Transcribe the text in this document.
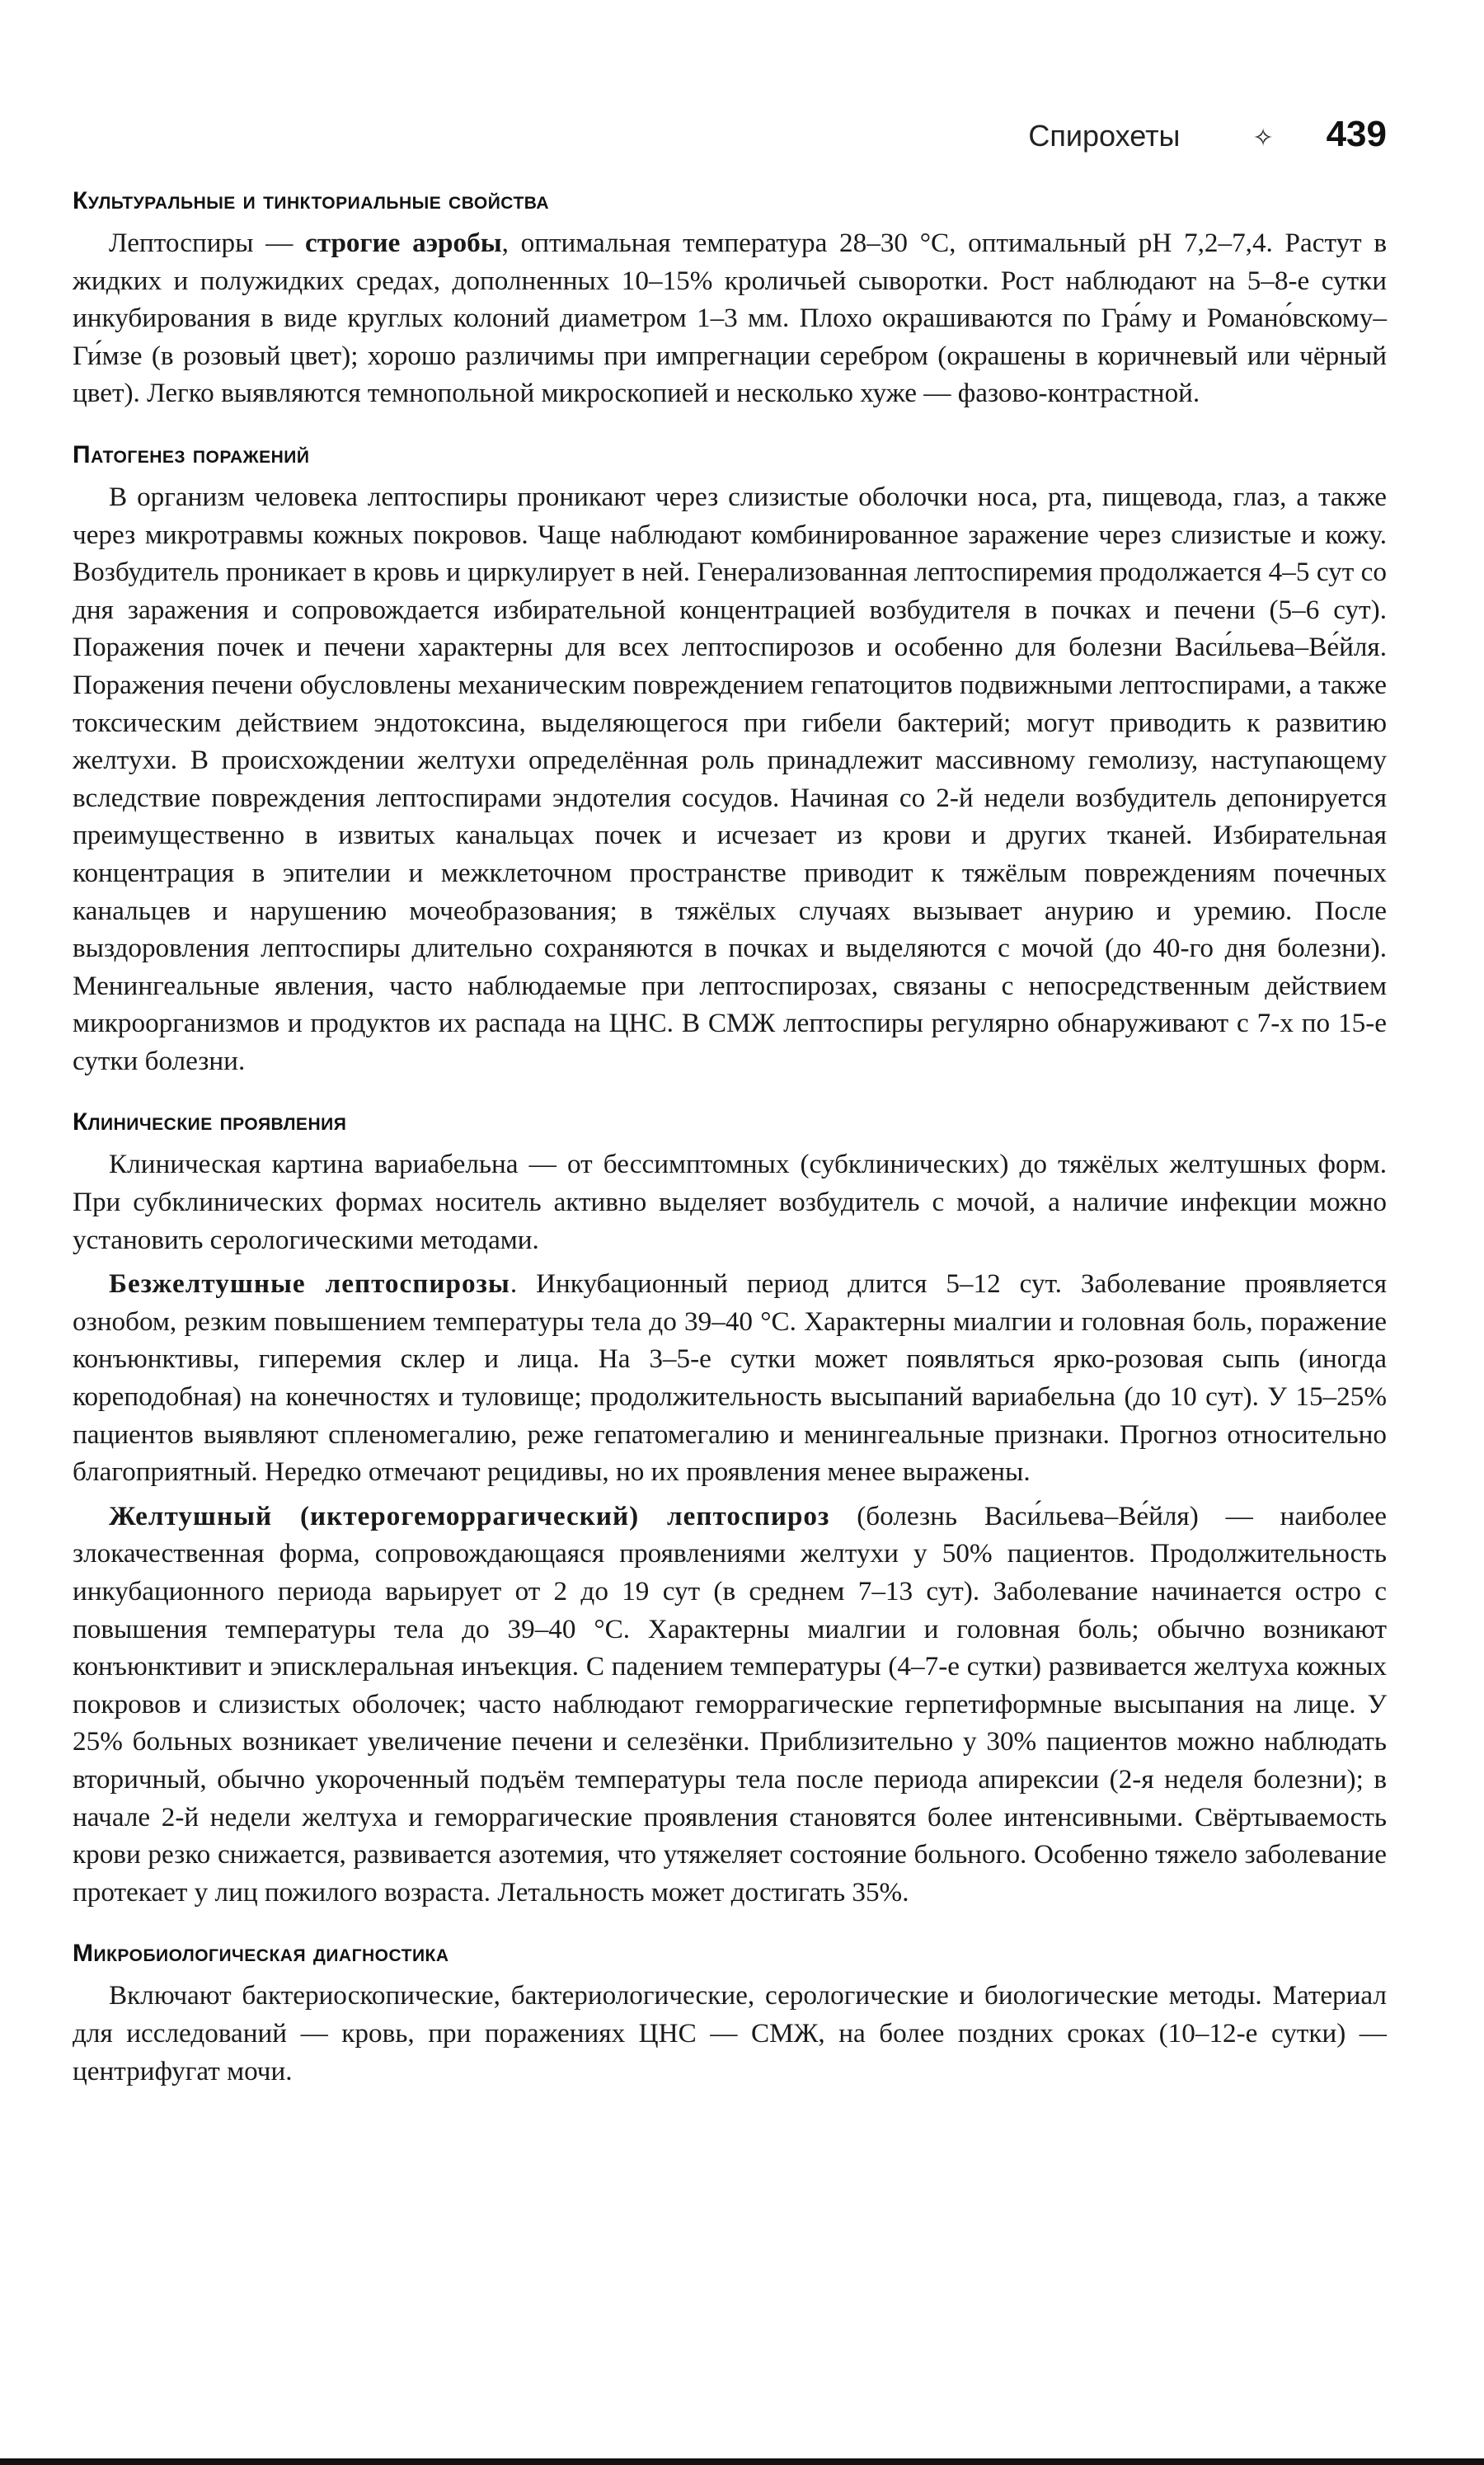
Спирохеты	✧ 439
Культуральные и тинкториальные свойства

Лептоспиры — строгие аэробы, оптимальная температура 28–30 °С, оптимальный рН 7,2–7,4. Растут в жидких и полужидких средах, дополненных 10–15% кроличьей сыворотки. Рост наблюдают на 5–8-е сутки инкубирования в виде круглых колоний диаметром 1–3 мм. Плохо окрашиваются по Гра́му и Романо́вскому–Ги́мзе (в розовый цвет); хорошо различимы при импрегнации серебром (окрашены в коричневый или чёрный цвет). Легко выявляются темнопольной микроскопией и несколько хуже — фазово-контрастной.

Патогенез поражений

В организм человека лептоспиры проникают через слизистые оболочки носа, рта, пищевода, глаз, а также через микротравмы кожных покровов. Чаще наблюдают комбинированное заражение через слизистые и кожу. Возбудитель проникает в кровь и циркулирует в ней. Генерализованная лептоспиремия продолжается 4–5 сут со дня заражения и сопровождается избирательной концентрацией возбудителя в почках и печени (5–6 сут). Поражения почек и печени характерны для всех лептоспирозов и особенно для болезни Васи́льева–Ве́йля. Поражения печени обусловлены механическим повреждением гепатоцитов подвижными лептоспирами, а также токсическим действием эндотоксина, выделяющегося при гибели бактерий; могут приводить к развитию желтухи. В происхождении желтухи определённая роль принадлежит массивному гемолизу, наступающему вследствие повреждения лептоспирами эндотелия сосудов. Начиная со 2-й недели возбудитель депонируется преимущественно в извитых канальцах почек и исчезает из крови и других тканей. Избирательная концентрация в эпителии и межклеточном пространстве приводит к тяжёлым повреждениям почечных канальцев и нарушению мочеобразования; в тяжёлых случаях вызывает анурию и уремию. После выздоровления лептоспиры длительно сохраняются в почках и выделяются с мочой (до 40-го дня болезни). Менингеальные явления, часто наблюдаемые при лептоспирозах, связаны с непосредственным действием микроорганизмов и продуктов их распада на ЦНС. В СМЖ лептоспиры регулярно обнаруживают с 7-х по 15-е сутки болезни.

Клинические проявления

Клиническая картина вариабельна — от бессимптомных (субклинических) до тяжёлых желтушных форм. При субклинических формах носитель активно выделяет возбудитель с мочой, а наличие инфекции можно установить серологическими методами.

Безжелтушные лептоспирозы. Инкубационный период длится 5–12 сут. Заболевание проявляется ознобом, резким повышением температуры тела до 39–40 °С. Характерны миалгии и головная боль, поражение конъюнктивы, гиперемия склер и лица. На 3–5-е сутки может появляться ярко-розовая сыпь (иногда кореподобная) на конечностях и туловище; продолжительность высыпаний вариабельна (до 10 сут). У 15–25% пациентов выявляют спленомегалию, реже гепатомегалию и менингеальные признаки. Прогноз относительно благоприятный. Нередко отмечают рецидивы, но их проявления менее выражены.

Желтушный (иктерогеморрагический) лептоспироз (болезнь Васи́льева–Ве́йля) — наиболее злокачественная форма, сопровождающаяся проявлениями желтухи у 50% пациентов. Продолжительность инкубационного периода варьирует от 2 до 19 сут (в среднем 7–13 сут). Заболевание начинается остро с повышения температуры тела до 39–40 °С. Характерны миалгии и головная боль; обычно возникают конъюнктивит и эписклеральная инъекция. С падением температуры (4–7-е сутки) развивается желтуха кожных покровов и слизистых оболочек; часто наблюдают геморрагические герпетиформные высыпания на лице. У 25% больных возникает увеличение печени и селезёнки. Приблизительно у 30% пациентов можно наблюдать вторичный, обычно укороченный подъём температуры тела после периода апирексии (2-я неделя болезни); в начале 2-й недели желтуха и геморрагические проявления становятся более интенсивными. Свёртываемость крови резко снижается, развивается азотемия, что утяжеляет состояние больного. Особенно тяжело заболевание протекает у лиц пожилого возраста. Летальность может достигать 35%.

Микробиологическая диагностика

Включают бактериоскопические, бактериологические, серологические и биологические методы. Материал для исследований — кровь, при поражениях ЦНС — СМЖ, на более поздних сроках (10–12-е сутки) — центрифугат мочи.
